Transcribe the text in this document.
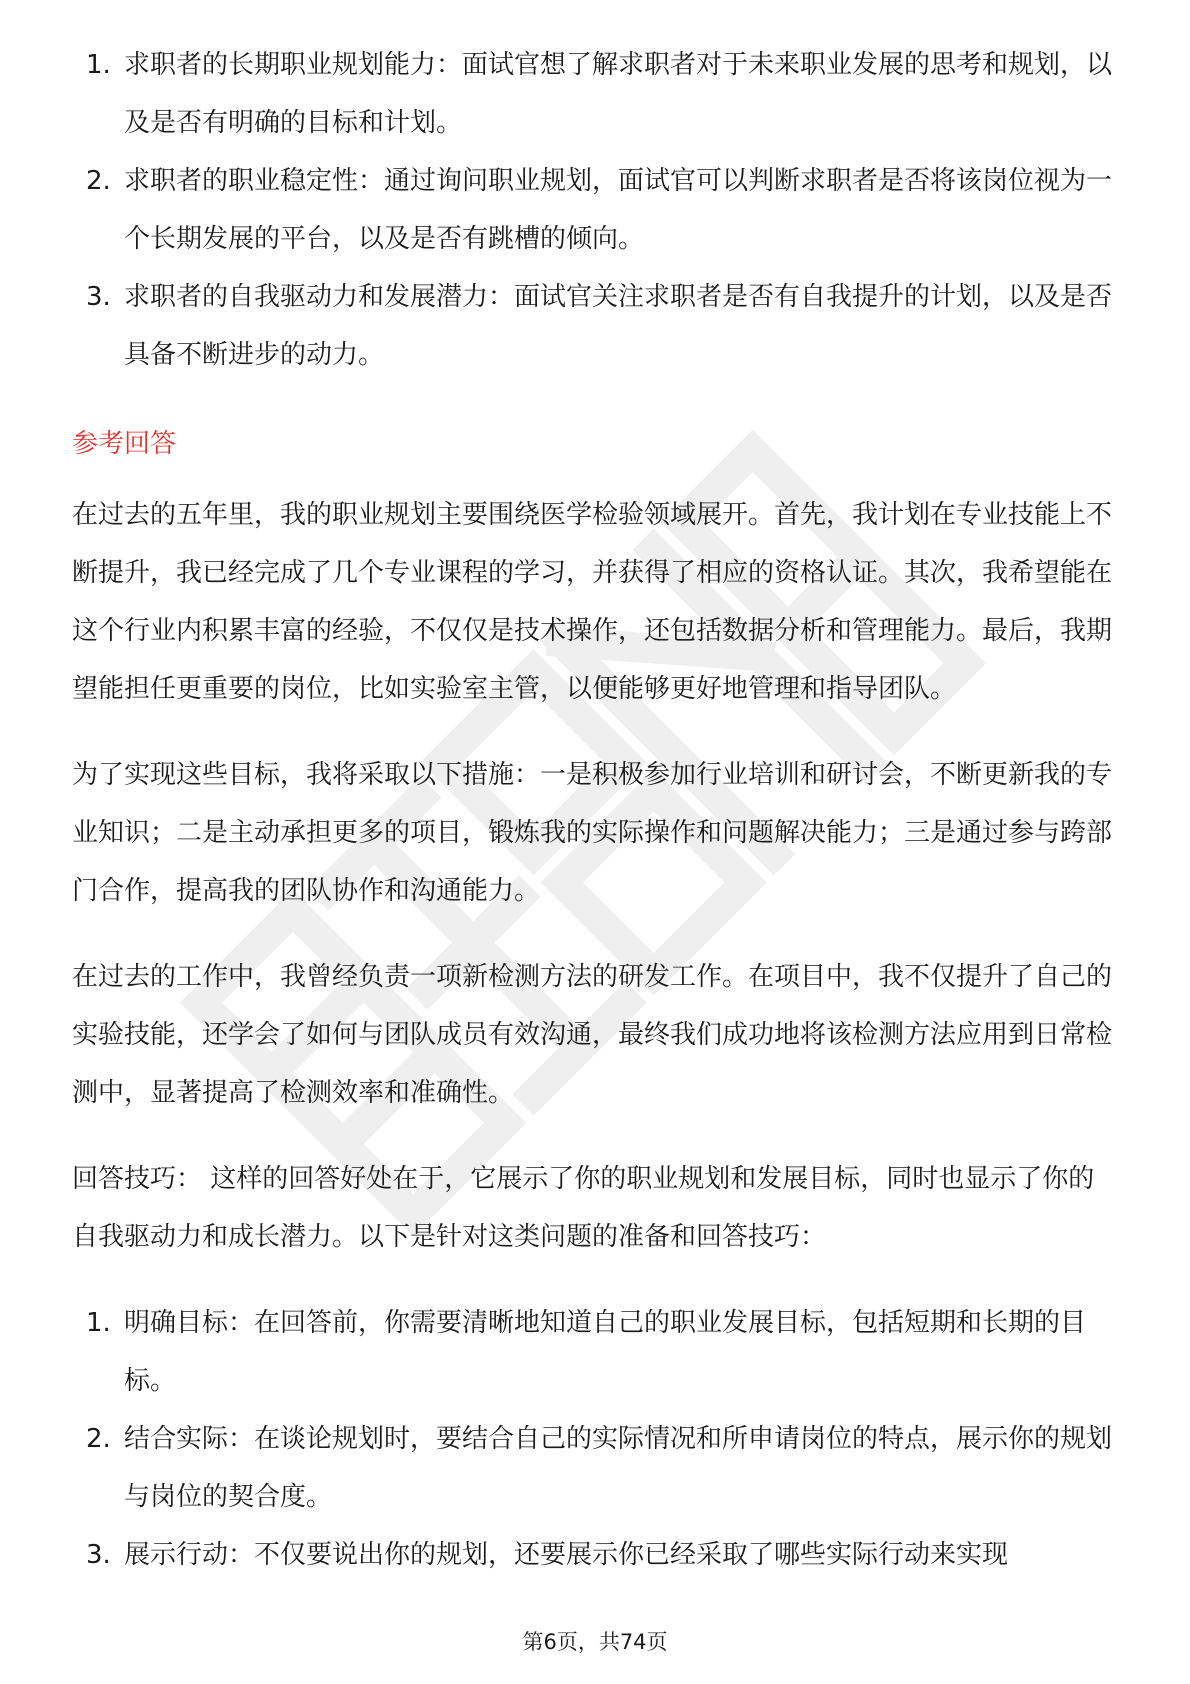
1. 求职者的长期职业规划能力：面试官想了解求职者对于未来职业发展的思考和规划，以及是否有明确的目标和计划。
2. 求职者的职业稳定性：通过询问职业规划，面试官可以判断求职者是否将该岗位视为一个长期发展的平台，以及是否有跳槽的倾向。
3. 求职者的自我驱动力和发展潜力：面试官关注求职者是否有自我提升的计划，以及是否具备不断进步的动力。
参考回答

在过去的五年里，我的职业规划主要围绕医学检验领域展开。首先，我计划在专业技能上不断提升，我已经完成了几个专业课程的学习，并获得了相应的资格认证。其次，我希望能在这个行业内积累丰富的经验，不仅仅是技术操作，还包括数据分析和管理能力。最后，我期望能担任更重要的岗位，比如实验室主管，以便能够更好地管理和指导团队。

为了实现这些目标，我将采取以下措施：一是积极参加行业培训和研讨会，不断更新我的专业知识；二是主动承担更多的项目，锻炼我的实际操作和问题解决能力；三是通过参与跨部门合作，提高我的团队协作和沟通能力。

在过去的工作中，我曾经负责一项新检测方法的研发工作。在项目中，我不仅提升了自己的实验技能，还学会了如何与团队成员有效沟通，最终我们成功地将该检测方法应用到日常检测中，显著提高了检测效率和准确性。

回答技巧： 这样的回答好处在于，它展示了你的职业规划和发展目标，同时也显示了你的自我驱动力和成长潜力。以下是针对这类问题的准备和回答技巧：

1. 明确目标：在回答前，你需要清晰地知道自己的职业发展目标，包括短期和长期的目标。
2. 结合实际：在谈论规划时，要结合自己的实际情况和所申请岗位的特点，展示你的规划与岗位的契合度。
3. 展示行动：不仅要说出你的规划，还要展示你已经采取了哪些实际行动来实现
第6页，共74页
